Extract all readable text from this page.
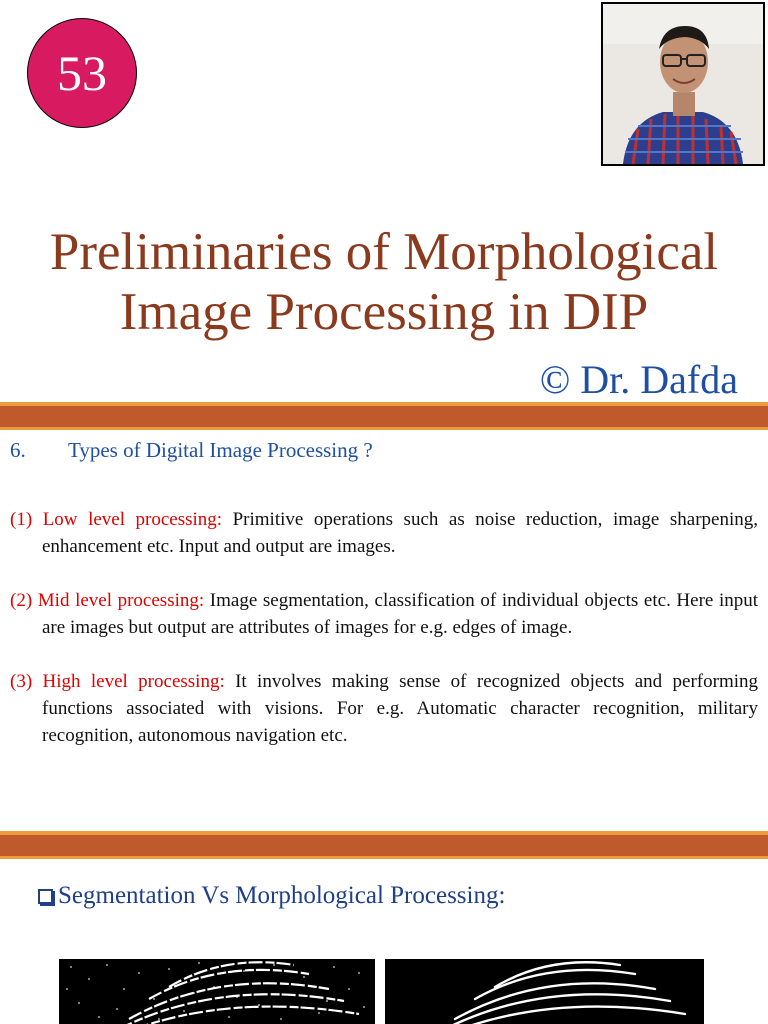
53
Preliminaries of Morphological
Image Processing in DIP
© Dr. Dafda
6. Types of Digital Image Processing ?
(1) Low level processing: Primitive operations such as noise reduction, image sharpening, enhancement etc. Input and output are images.
(2) Mid level processing: Image segmentation, classification of individual objects etc. Here input are images but output are attributes of images for e.g. edges of image.
(3) High level processing: It involves making sense of recognized objects and performing functions associated with visions. For e.g. Automatic character recognition, military recognition, autonomous navigation etc.
Segmentation Vs Morphological Processing:
